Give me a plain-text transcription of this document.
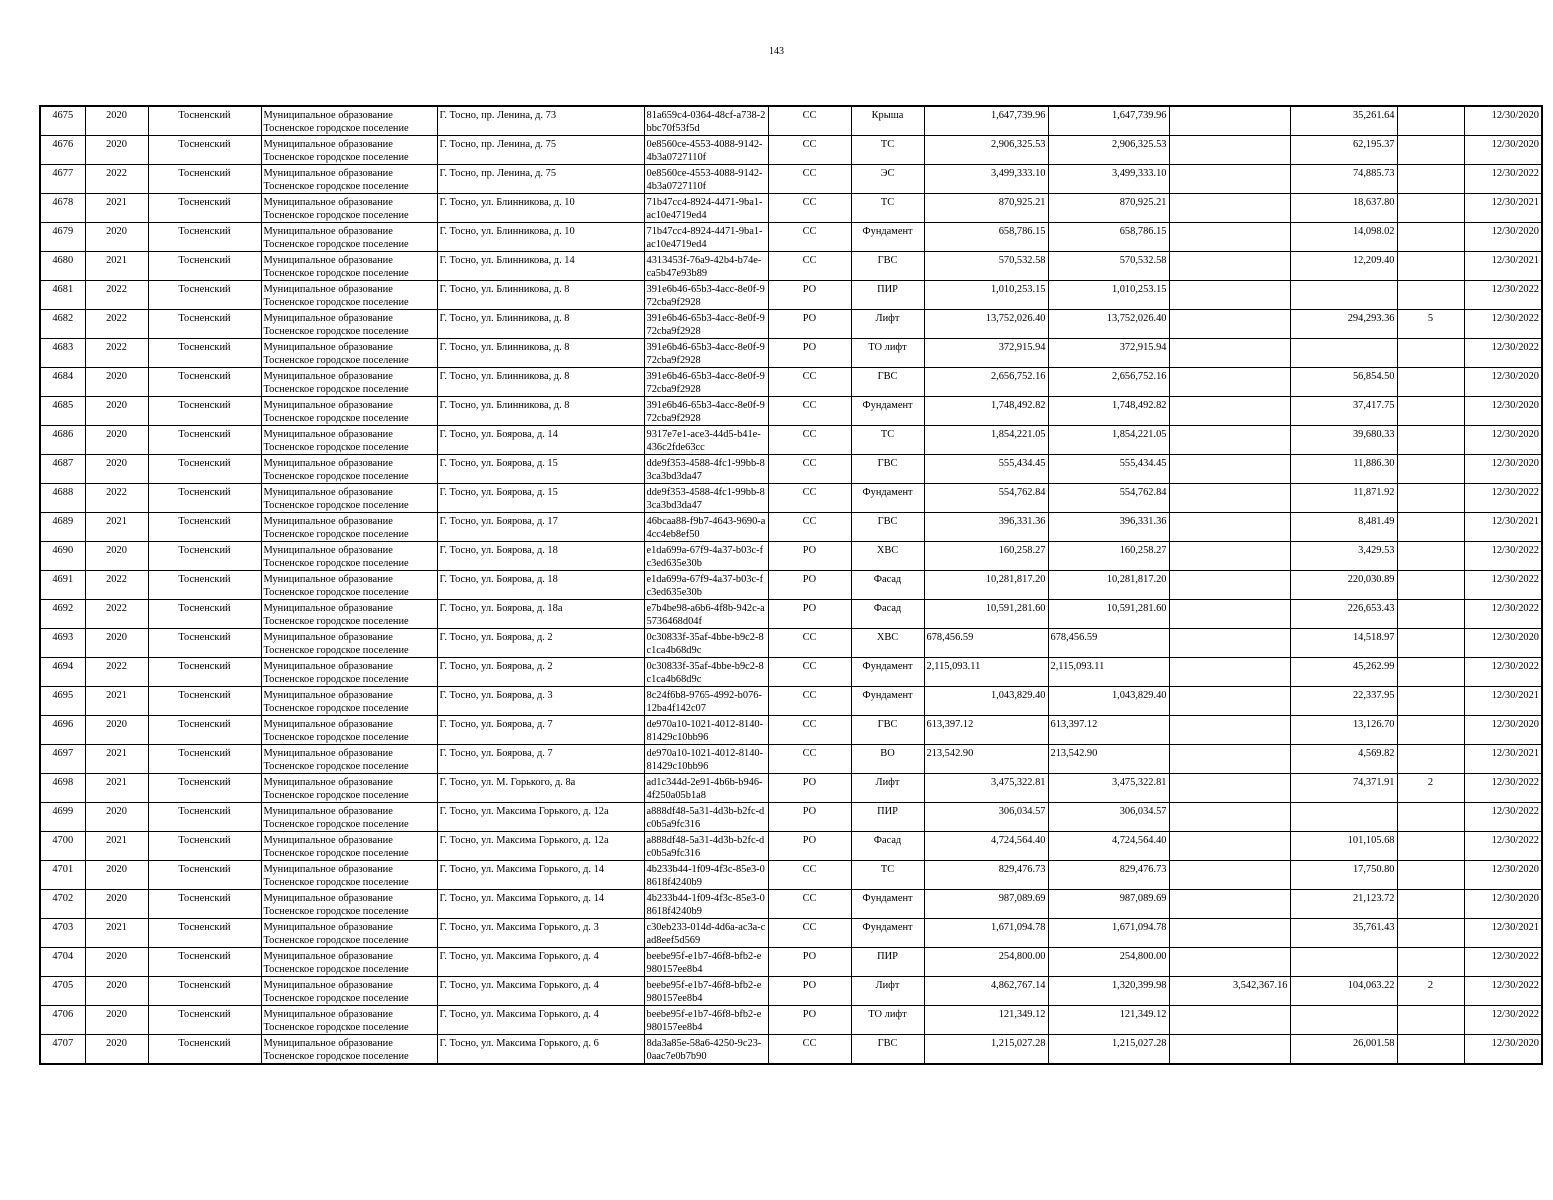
143
4675	2020	Тосненский	Муниципальное образование Тосненское городское поселение	Г. Тосно, пр. Ленина, д. 73	81a659c4-0364-48cf-a738-2bbc70f53f5d	СС	Крыша	1,647,739.96	1,647,739.96		35,261.64		12/30/2020
4676	2020	Тосненский	Муниципальное образование Тосненское городское поселение	Г. Тосно, пр. Ленина, д. 75	0e8560ce-4553-4088-9142-4b3a0727110f	СС	ТС	2,906,325.53	2,906,325.53		62,195.37		12/30/2020
4677	2022	Тосненский	Муниципальное образование Тосненское городское поселение	Г. Тосно, пр. Ленина, д. 75	0e8560ce-4553-4088-9142-4b3a0727110f	СС	ЭС	3,499,333.10	3,499,333.10		74,885.73		12/30/2022
4678	2021	Тосненский	Муниципальное образование Тосненское городское поселение	Г. Тосно, ул. Блинникова, д. 10	71b47cc4-8924-4471-9ba1-ac10e4719ed4	СС	ТС	870,925.21	870,925.21		18,637.80		12/30/2021
4679	2020	Тосненский	Муниципальное образование Тосненское городское поселение	Г. Тосно, ул. Блинникова, д. 10	71b47cc4-8924-4471-9ba1-ac10e4719ed4	СС	Фундамент	658,786.15	658,786.15		14,098.02		12/30/2020
4680	2021	Тосненский	Муниципальное образование Тосненское городское поселение	Г. Тосно, ул. Блинникова, д. 14	4313453f-76a9-42b4-b74e-ca5b47e93b89	СС	ГВС	570,532.58	570,532.58		12,209.40		12/30/2021
4681	2022	Тосненский	Муниципальное образование Тосненское городское поселение	Г. Тосно, ул. Блинникова, д. 8	391e6b46-65b3-4acc-8e0f-972cba9f2928	РО	ПИР	1,010,253.15	1,010,253.15				12/30/2022
4682	2022	Тосненский	Муниципальное образование Тосненское городское поселение	Г. Тосно, ул. Блинникова, д. 8	391e6b46-65b3-4acc-8e0f-972cba9f2928	РО	Лифт	13,752,026.40	13,752,026.40		294,293.36	5	12/30/2022
4683	2022	Тосненский	Муниципальное образование Тосненское городское поселение	Г. Тосно, ул. Блинникова, д. 8	391e6b46-65b3-4acc-8e0f-972cba9f2928	РО	ТО лифт	372,915.94	372,915.94				12/30/2022
4684	2020	Тосненский	Муниципальное образование Тосненское городское поселение	Г. Тосно, ул. Блинникова, д. 8	391e6b46-65b3-4acc-8e0f-972cba9f2928	СС	ГВС	2,656,752.16	2,656,752.16		56,854.50		12/30/2020
4685	2020	Тосненский	Муниципальное образование Тосненское городское поселение	Г. Тосно, ул. Блинникова, д. 8	391e6b46-65b3-4acc-8e0f-972cba9f2928	СС	Фундамент	1,748,492.82	1,748,492.82		37,417.75		12/30/2020
4686	2020	Тосненский	Муниципальное образование Тосненское городское поселение	Г. Тосно, ул. Боярова, д. 14	9317e7e1-ace3-44d5-b41e-436c2fde63cc	СС	ТС	1,854,221.05	1,854,221.05		39,680.33		12/30/2020
4687	2020	Тосненский	Муниципальное образование Тосненское городское поселение	Г. Тосно, ул. Боярова, д. 15	dde9f353-4588-4fc1-99bb-83ca3bd3da47	СС	ГВС	555,434.45	555,434.45		11,886.30		12/30/2020
4688	2022	Тосненский	Муниципальное образование Тосненское городское поселение	Г. Тосно, ул. Боярова, д. 15	dde9f353-4588-4fc1-99bb-83ca3bd3da47	СС	Фундамент	554,762.84	554,762.84		11,871.92		12/30/2022
4689	2021	Тосненский	Муниципальное образование Тосненское городское поселение	Г. Тосно, ул. Боярова, д. 17	46bcaa88-f9b7-4643-9690-a4cc4eb8ef50	СС	ГВС	396,331.36	396,331.36		8,481.49		12/30/2021
4690	2020	Тосненский	Муниципальное образование Тосненское городское поселение	Г. Тосно, ул. Боярова, д. 18	e1da699a-67f9-4a37-b03c-fc3ed635e30b	РО	ХВС	160,258.27	160,258.27		3,429.53		12/30/2022
4691	2022	Тосненский	Муниципальное образование Тосненское городское поселение	Г. Тосно, ул. Боярова, д. 18	e1da699a-67f9-4a37-b03c-fc3ed635e30b	РО	Фасад	10,281,817.20	10,281,817.20		220,030.89		12/30/2022
4692	2022	Тосненский	Муниципальное образование Тосненское городское поселение	Г. Тосно, ул. Боярова, д. 18а	e7b4be98-a6b6-4f8b-942c-a5736468d04f	РО	Фасад	10,591,281.60	10,591,281.60		226,653.43		12/30/2022
4693	2020	Тосненский	Муниципальное образование Тосненское городское поселение	Г. Тосно, ул. Боярова, д. 2	0c30833f-35af-4bbe-b9c2-8c1ca4b68d9c	СС	ХВС	678,456.59	678,456.59		14,518.97		12/30/2020
4694	2022	Тосненский	Муниципальное образование Тосненское городское поселение	Г. Тосно, ул. Боярова, д. 2	0c30833f-35af-4bbe-b9c2-8c1ca4b68d9c	СС	Фундамент	2,115,093.11	2,115,093.11		45,262.99		12/30/2022
4695	2021	Тосненский	Муниципальное образование Тосненское городское поселение	Г. Тосно, ул. Боярова, д. 3	8c24f6b8-9765-4992-b076-12ba4f142c07	СС	Фундамент	1,043,829.40	1,043,829.40		22,337.95		12/30/2021
4696	2020	Тосненский	Муниципальное образование Тосненское городское поселение	Г. Тосно, ул. Боярова, д. 7	de970a10-1021-4012-8140-81429c10bb96	СС	ГВС	613,397.12	613,397.12		13,126.70		12/30/2020
4697	2021	Тосненский	Муниципальное образование Тосненское городское поселение	Г. Тосно, ул. Боярова, д. 7	de970a10-1021-4012-8140-81429c10bb96	СС	ВО	213,542.90	213,542.90		4,569.82		12/30/2021
4698	2021	Тосненский	Муниципальное образование Тосненское городское поселение	Г. Тосно, ул. М. Горького, д. 8а	ad1c344d-2e91-4b6b-b946-4f250a05b1a8	РО	Лифт	3,475,322.81	3,475,322.81		74,371.91	2	12/30/2022
4699	2020	Тосненский	Муниципальное образование Тосненское городское поселение	Г. Тосно, ул. Максима Горького, д. 12а	a888df48-5a31-4d3b-b2fc-dc0b5a9fc316	РО	ПИР	306,034.57	306,034.57				12/30/2022
4700	2021	Тосненский	Муниципальное образование Тосненское городское поселение	Г. Тосно, ул. Максима Горького, д. 12а	a888df48-5a31-4d3b-b2fc-dc0b5a9fc316	РО	Фасад	4,724,564.40	4,724,564.40		101,105.68		12/30/2022
4701	2020	Тосненский	Муниципальное образование Тосненское городское поселение	Г. Тосно, ул. Максима Горького, д. 14	4b233b44-1f09-4f3c-85e3-08618f4240b9	СС	ТС	829,476.73	829,476.73		17,750.80		12/30/2020
4702	2020	Тосненский	Муниципальное образование Тосненское городское поселение	Г. Тосно, ул. Максима Горького, д. 14	4b233b44-1f09-4f3c-85e3-08618f4240b9	СС	Фундамент	987,089.69	987,089.69		21,123.72		12/30/2020
4703	2021	Тосненский	Муниципальное образование Тосненское городское поселение	Г. Тосно, ул. Максима Горького, д. 3	c30eb233-014d-4d6a-ac3a-cad8eef5d569	СС	Фундамент	1,671,094.78	1,671,094.78		35,761.43		12/30/2021
4704	2020	Тосненский	Муниципальное образование Тосненское городское поселение	Г. Тосно, ул. Максима Горького, д. 4	beebe95f-e1b7-46f8-bfb2-e980157ee8b4	РО	ПИР	254,800.00	254,800.00				12/30/2022
4705	2020	Тосненский	Муниципальное образование Тосненское городское поселение	Г. Тосно, ул. Максима Горького, д. 4	beebe95f-e1b7-46f8-bfb2-e980157ee8b4	РО	Лифт	4,862,767.14	1,320,399.98	3,542,367.16	104,063.22	2	12/30/2022
4706	2020	Тосненский	Муниципальное образование Тосненское городское поселение	Г. Тосно, ул. Максима Горького, д. 4	beebe95f-e1b7-46f8-bfb2-e980157ee8b4	РО	ТО лифт	121,349.12	121,349.12				12/30/2022
4707	2020	Тосненский	Муниципальное образование Тосненское городское поселение	Г. Тосно, ул. Максима Горького, д. 6	8da3a85e-58a6-4250-9c23-0aac7e0b7b90	СС	ГВС	1,215,027.28	1,215,027.28		26,001.58		12/30/2020
